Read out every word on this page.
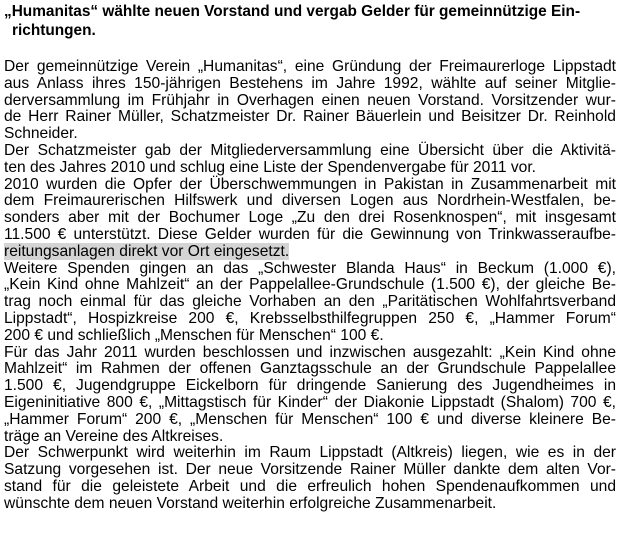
„Humanitas“ wählte neuen Vorstand und vergab Gelder für gemeinnützige Ein-
richtungen.
Der gemeinnützige Verein „Humanitas“, eine Gründung der Freimaurerloge Lippstadt
aus Anlass ihres 150-jährigen Bestehens im Jahre 1992, wählte auf seiner Mitglie-
derversammlung im Frühjahr in Overhagen einen neuen Vorstand. Vorsitzender wur-
de Herr Rainer Müller, Schatzmeister Dr. Rainer Bäuerlein und Beisitzer Dr. Reinhold
Schneider.
Der Schatzmeister gab der Mitgliederversammlung eine Übersicht über die Aktivitä-
ten des Jahres 2010 und schlug eine Liste der Spendenvergabe für 2011 vor.
2010 wurden die Opfer der Überschwemmungen in Pakistan in Zusammenarbeit mit
dem Freimaurerischen Hilfswerk und diversen Logen aus Nordrhein-Westfalen, be-
sonders aber mit der Bochumer Loge „Zu den drei Rosenknospen“, mit insgesamt
11.500 € unterstützt. Diese Gelder wurden für die Gewinnung von Trinkwasseraufbe-
reitungsanlagen direkt vor Ort eingesetzt.
Weitere Spenden gingen an das „Schwester Blanda Haus“ in Beckum (1.000 €),
„Kein Kind ohne Mahlzeit“ an der Pappelallee-Grundschule (1.500 €), der gleiche Be-
trag noch einmal für das gleiche Vorhaben an den „Paritätischen Wohlfahrtsverband
Lippstadt“, Hospizkreise 200 €, Krebsselbsthilfegruppen 250 €, „Hammer Forum“
200 € und schließlich „Menschen für Menschen“ 100 €.
Für das Jahr 2011 wurden beschlossen und inzwischen ausgezahlt: „Kein Kind ohne
Mahlzeit“ im Rahmen der offenen Ganztagsschule an der Grundschule Pappelallee
1.500 €, Jugendgruppe Eickelborn für dringende Sanierung des Jugendheimes in
Eigeninitiative 800 €, „Mittagstisch für Kinder“ der Diakonie Lippstadt (Shalom) 700 €,
„Hammer Forum“ 200 €, „Menschen für Menschen“ 100 € und diverse kleinere Be-
träge an Vereine des Altkreises.
Der Schwerpunkt wird weiterhin im Raum Lippstadt (Altkreis) liegen, wie es in der
Satzung vorgesehen ist. Der neue Vorsitzende Rainer Müller dankte dem alten Vor-
stand für die geleistete Arbeit und die erfreulich hohen Spendenaufkommen und
wünschte dem neuen Vorstand weiterhin erfolgreiche Zusammenarbeit.
